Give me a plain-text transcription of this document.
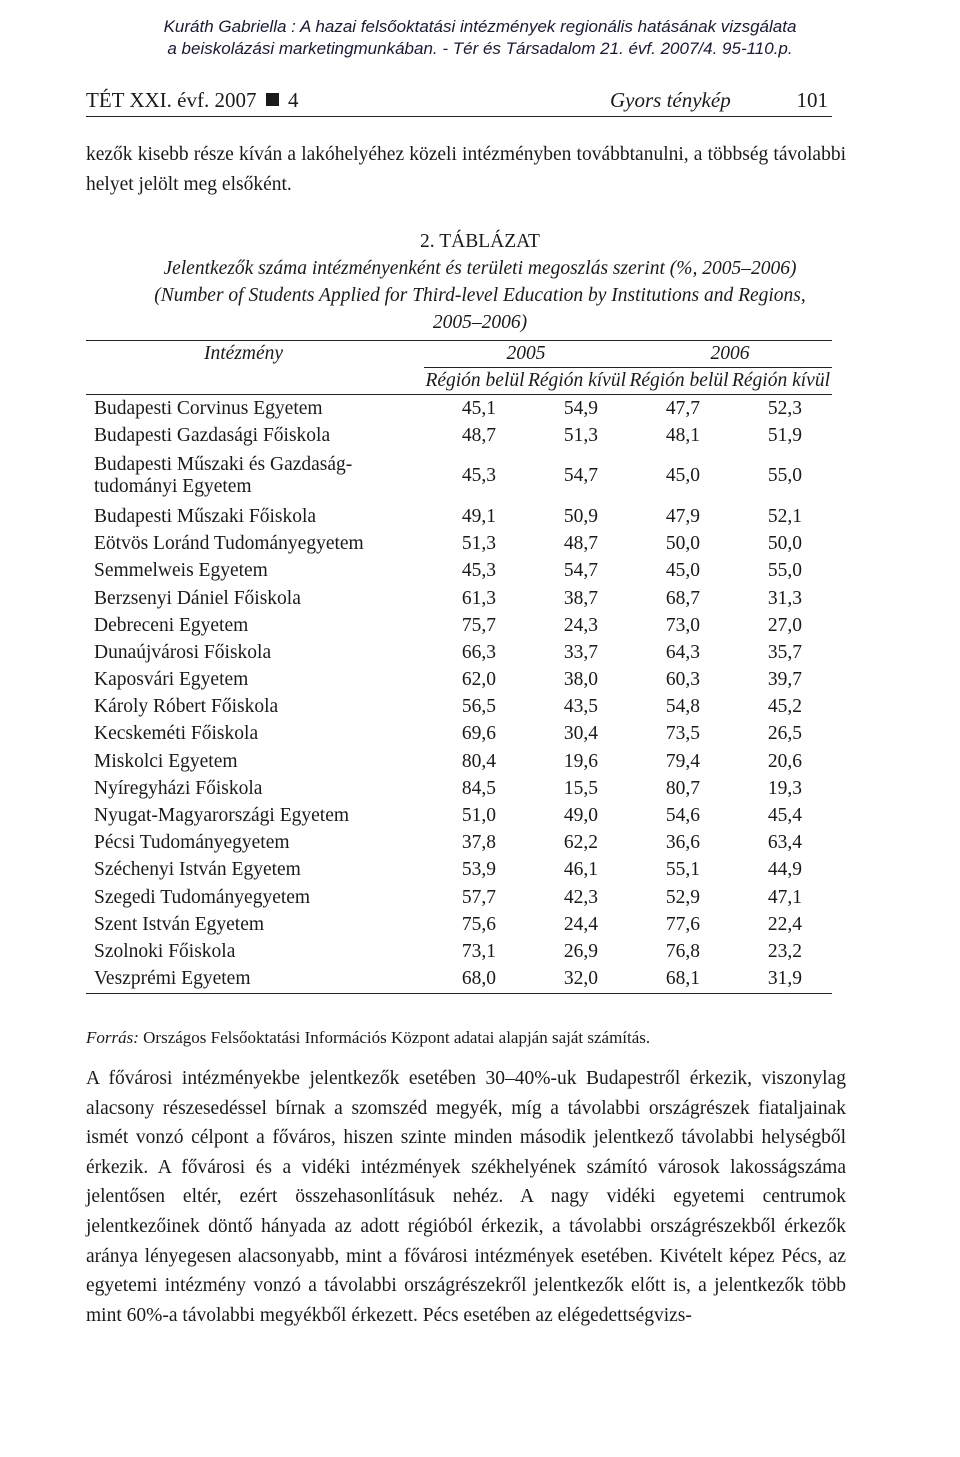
Kuráth Gabriella : A hazai felsőoktatási intézmények regionális hatásának vizsgálata
a beiskolázási marketingmunkában. - Tér és Társadalom 21. évf. 2007/4. 95-110.p.
TÉT XXI. évf. 2007 4	Gyors ténykép	101

kezők kisebb része kíván a lakóhelyéhez közeli intézményben továbbtanulni, a többség távolabbi helyet jelölt meg elsőként.
2. TÁBLÁZAT
Jelentkezők száma intézményenként és területi megoszlás szerint (%, 2005–2006)
(Number of Students Applied for Third-level Education by Institutions and Regions,
2005–2006)

Intézmény	2005		2006	
	Régión belül	Régión kívül	Régión belül	Régión kívül
Budapesti Corvinus Egyetem	45,1	54,9	47,7	52,3
Budapesti Gazdasági Főiskola	48,7	51,3	48,1	51,9
Budapesti Műszaki és Gazdaság-tudományi Egyetem	45,3	54,7	45,0	55,0
Budapesti Műszaki Főiskola	49,1	50,9	47,9	52,1
Eötvös Loránd Tudományegyetem	51,3	48,7	50,0	50,0
Semmelweis Egyetem	45,3	54,7	45,0	55,0
Berzsenyi Dániel Főiskola	61,3	38,7	68,7	31,3
Debreceni Egyetem	75,7	24,3	73,0	27,0
Dunaújvárosi Főiskola	66,3	33,7	64,3	35,7
Kaposvári Egyetem	62,0	38,0	60,3	39,7
Károly Róbert Főiskola	56,5	43,5	54,8	45,2
Kecskeméti Főiskola	69,6	30,4	73,5	26,5
Miskolci Egyetem	80,4	19,6	79,4	20,6
Nyíregyházi Főiskola	84,5	15,5	80,7	19,3
Nyugat-Magyarországi Egyetem	51,0	49,0	54,6	45,4
Pécsi Tudományegyetem	37,8	62,2	36,6	63,4
Széchenyi István Egyetem	53,9	46,1	55,1	44,9
Szegedi Tudományegyetem	57,7	42,3	52,9	47,1
Szent István Egyetem	75,6	24,4	77,6	22,4
Szolnoki Főiskola	73,1	26,9	76,8	23,2
Veszprémi Egyetem	68,0	32,0	68,1	31,9
Forrás: Országos Felsőoktatási Információs Központ adatai alapján saját számítás.
A fővárosi intézményekbe jelentkezők esetében 30–40%-uk Budapestről érkezik, viszonylag alacsony részesedéssel bírnak a szomszéd megyék, míg a távolabbi országrészek fiataljainak ismét vonzó célpont a főváros, hiszen szinte minden második jelentkező távolabbi helységből érkezik. A fővárosi és a vidéki intézmények székhelyének számító városok lakosságszáma jelentősen eltér, ezért összehasonlításuk nehéz. A nagy vidéki egyetemi centrumok jelentkezőinek döntő hányada az adott régióból érkezik, a távolabbi országrészekből érkezők aránya lényegesen alacsonyabb, mint a fővárosi intézmények esetében. Kivételt képez Pécs, az egyetemi intézmény vonzó a távolabbi országrészekről jelentkezők előtt is, a jelentkezők több mint 60%-a távolabbi megyékből érkezett. Pécs esetében az elégedettségvizs-
